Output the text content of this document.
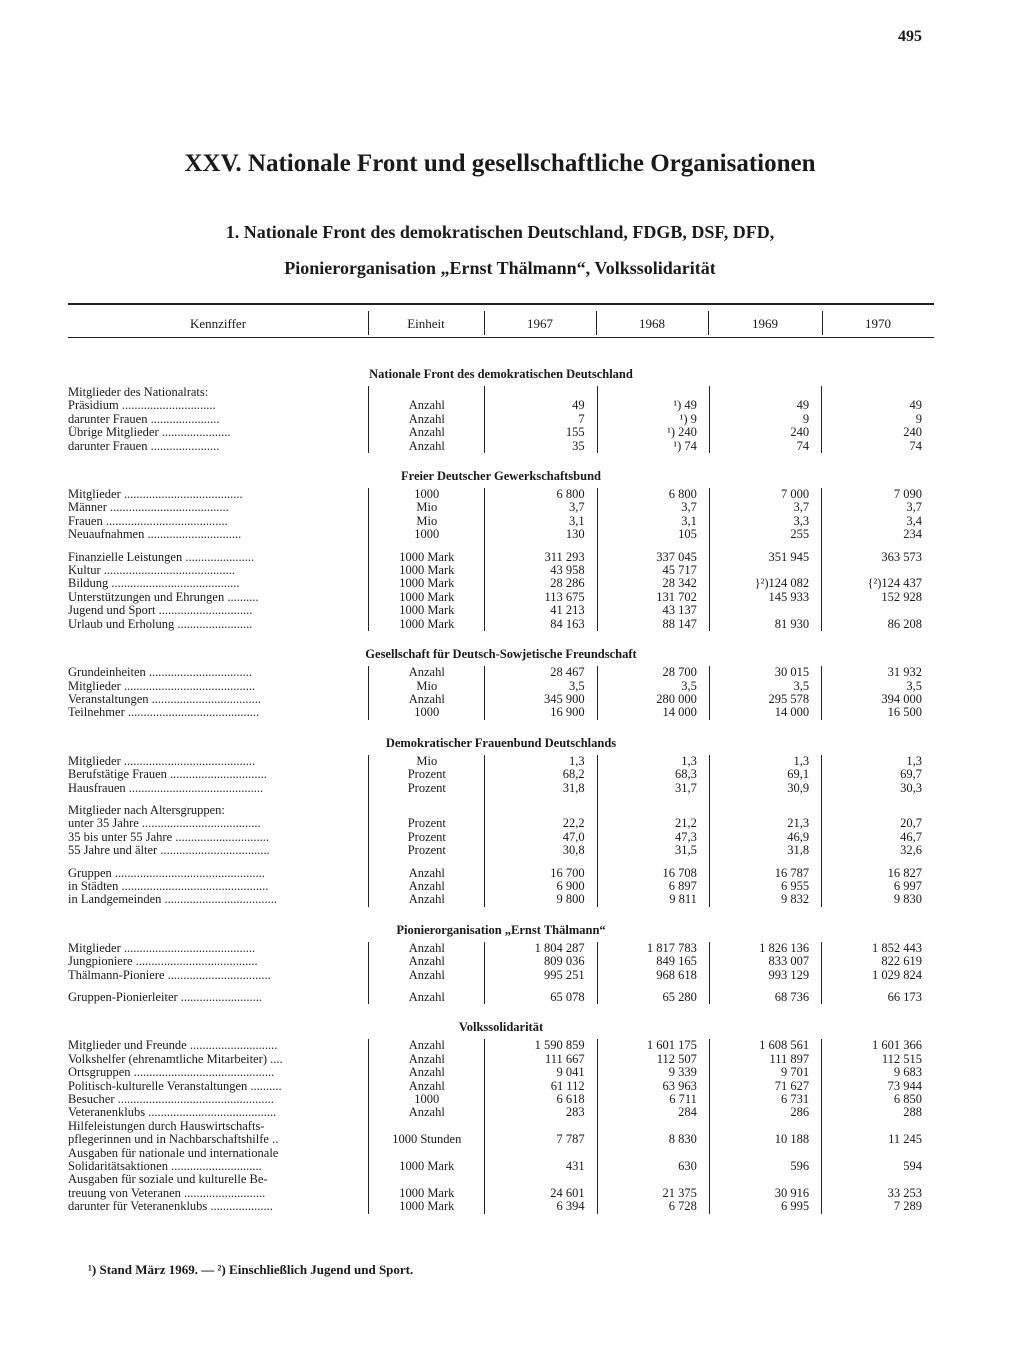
495
XXV. Nationale Front und gesellschaftliche Organisationen
1. Nationale Front des demokratischen Deutschland, FDGB, DSF, DFD,
Pionierorganisation „Ernst Thälmann“, Volkssolidarität
Kennziffer	Einheit	1967	1968	1969	1970
Nationale Front des demokratischen Deutschland					
Mitglieder des Nationalrats:					
Präsidium ..............................	Anzahl	49	¹) 49	49	49
darunter Frauen ......................	Anzahl	7	¹) 9	9	9
Übrige Mitglieder ......................	Anzahl	155	¹) 240	240	240
darunter Frauen ......................	Anzahl	35	¹) 74	74	74
Freier Deutscher Gewerkschaftsbund					
Mitglieder ......................................	1000	6 800	6 800	7 000	7 090
Männer ......................................	Mio	3,7	3,7	3,7	3,7
Frauen .......................................	Mio	3,1	3,1	3,3	3,4
Neuaufnahmen ..............................	1000	130	105	255	234

Finanzielle Leistungen ......................	1000 Mark	311 293	337 045	351 945	363 573
Kultur ..........................................	1000 Mark	43 958	45 717		
Bildung .........................................	1000 Mark	28 286	28 342	}²)124 082	{²)124 437
Unterstützungen und Ehrungen ..........	1000 Mark	113 675	131 702	145 933	152 928
Jugend und Sport ..............................	1000 Mark	41 213	43 137		
Urlaub und Erholung ........................	1000 Mark	84 163	88 147	81 930	86 208
Gesellschaft für Deutsch-Sowjetische Freundschaft					
Grundeinheiten .................................	Anzahl	28 467	28 700	30 015	31 932
Mitglieder ..........................................	Mio	3,5	3,5	3,5	3,5
Veranstaltungen ...................................	Anzahl	345 900	280 000	295 578	394 000
Teilnehmer ..........................................	1000	16 900	14 000	14 000	16 500
Demokratischer Frauenbund Deutschlands					
Mitglieder ..........................................	Mio	1,3	1,3	1,3	1,3
Berufstätige Frauen ...............................	Prozent	68,2	68,3	69,1	69,7
Hausfrauen ...........................................	Prozent	31,8	31,7	30,9	30,3

Mitglieder nach Altersgruppen:					
unter 35 Jahre ......................................	Prozent	22,2	21,2	21,3	20,7
35 bis unter 55 Jahre ..............................	Prozent	47,0	47,3	46,9	46,7
55 Jahre und älter ...................................	Prozent	30,8	31,5	31,8	32,6

Gruppen ................................................	Anzahl	16 700	16 708	16 787	16 827
in Städten ...............................................	Anzahl	6 900	6 897	6 955	6 997
in Landgemeinden ....................................	Anzahl	9 800	9 811	9 832	9 830
Pionierorganisation „Ernst Thälmann“					
Mitglieder ..........................................	Anzahl	1 804 287	1 817 783	1 826 136	1 852 443
Jungpioniere .......................................	Anzahl	809 036	849 165	833 007	822 619
Thälmann-Pioniere .................................	Anzahl	995 251	968 618	993 129	1 029 824

Gruppen-Pionierleiter ..........................	Anzahl	65 078	65 280	68 736	66 173
Volkssolidarität					
Mitglieder und Freunde ............................	Anzahl	1 590 859	1 601 175	1 608 561	1 601 366
Volkshelfer (ehrenamtliche Mitarbeiter) ....	Anzahl	111 667	112 507	111 897	112 515
Ortsgruppen .............................................	Anzahl	9 041	9 339	9 701	9 683
Politisch-kulturelle Veranstaltungen ..........	Anzahl	61 112	63 963	71 627	73 944
Besucher ..................................................	1000	6 618	6 711	6 731	6 850
Veteranenklubs .........................................	Anzahl	283	284	286	288
Hilfeleistungen durch Hauswirtschafts-					
pflegerinnen und in Nachbarschaftshilfe ..	1000 Stunden	7 787	8 830	10 188	11 245
Ausgaben für nationale und internationale					
Solidaritätsaktionen .............................	1000 Mark	431	630	596	594
Ausgaben für soziale und kulturelle Be-					
treuung von Veteranen ..........................	1000 Mark	24 601	21 375	30 916	33 253
darunter für Veteranenklubs ....................	1000 Mark	6 394	6 728	6 995	7 289
¹) Stand März 1969. — ²) Einschließlich Jugend und Sport.
